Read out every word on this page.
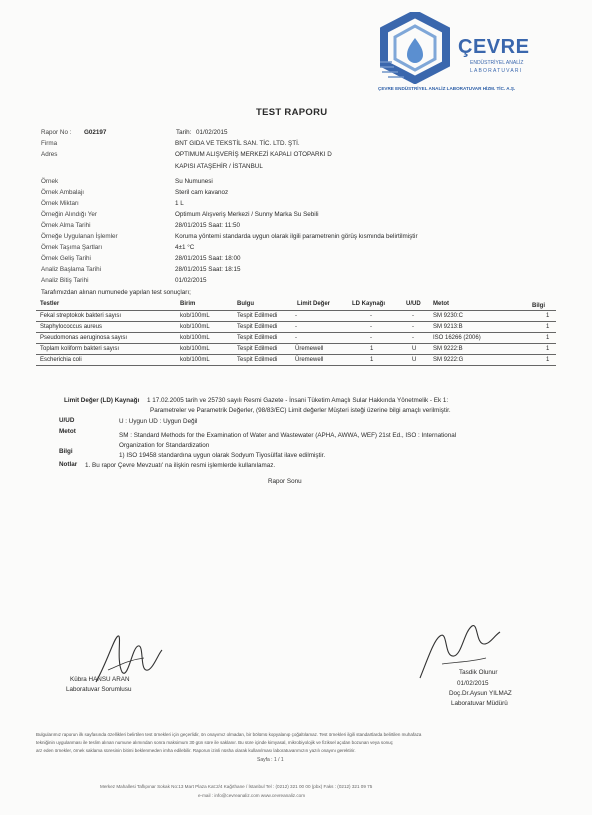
ÇEVRE
ENDÜSTRİYEL ANALİZ
LABORATUVARI
ÇEVRE ENDÜSTRİYEL ANALİZ LABORATUVAR HİZM. TİC. A.Ş.
TEST RAPORU
Rapor No : G02197	Tarih: 01/02/2015
Firma	BNT GIDA VE TEKSTİL SAN. TİC. LTD. ŞTİ.
Adres	OPTIMUM ALIŞVERİŞ MERKEZİ KAPALI OTOPARKI D
KAPISI ATAŞEHİR / İSTANBUL
Örnek	Su Numunesi
Örnek Ambalajı	Steril cam kavanoz
Örnek Miktarı	1 L
Örneğin Alındığı Yer	Optimum Alışveriş Merkezi / Sunny Marka Su Sebili
Örnek Alma Tarihi	28/01/2015 Saat: 11:50
Örneğe Uygulanan İşlemler	Koruma yöntemi standarda uygun olarak ilgili parametrenin görüş kısmında belirtilmiştir
Örnek Taşıma Şartları	4±1 °C
Örnek Geliş Tarihi	28/01/2015 Saat: 18:00
Analiz Başlama Tarihi	28/01/2015 Saat: 18:15
Analiz Bitiş Tarihi	01/02/2015
Tarafımızdan alınan numunede yapılan test sonuçları;
Testler	Birim	Bulgu	Limit Değer	LD Kaynağı	U/UD Metot	Bilgi
Fekal streptokok bakteri sayısı	kob/100mL	Tespit Edilmedi	-	-	-	SM 9230:C	1
Staphylococcus aureus	kob/100mL	Tespit Edilmedi	-	-	-	SM 9213:B	1
Pseudomonas aeruginosa sayısı	kob/100mL	Tespit Edilmedi	-	-	-	ISO 16266 (2006)	1
Toplam koliform bakteri sayısı	kob/100mL	Tespit Edilmedi	Üremewell	1	U	SM 9222:B	1
Escherichia coli	kob/100mL	Tespit Edilmedi	Üremewell	1	U	SM 9222:G	1
Limit Değer (LD) Kaynağı 1 17.02.2005 tarih ve 25730 sayılı Resmi Gazete - İnsani Tüketim Amaçlı Sular Hakkında Yönetmelik - Ek 1:
Parametreler ve Parametrik Değerler, (98/83/EC) Limit değerler Müşteri isteği üzerine bilgi amaçlı verilmiştir.
U/UD	U : Uygun UD : Uygun Değil
Metot
SM : Standard Methods for the Examination of Water and Wastewater (APHA, AWWA, WEF) 21st Ed., ISO : International
Organization for Standardization
Bilgi
1) ISO 19458 standardına uygun olarak Sodyum Tiyosülfat ilave edilmiştir.
Notlar 1. Bu rapor Çevre Mevzuatı' na ilişkin resmi işlemlerde kullanılamaz.
Rapor Sonu
Kübra HANSU ARAN
Laboratuvar Sorumlusu
Tasdik Olunur
01/02/2015
Doç.Dr.Aysun YILMAZ
Laboratuvar Müdürü
Bulgularımız raporun ilk sayfasında özellikleri belirtilen test örnekleri için geçerlidir, ön onayımız olmadan, bir bölümü kopyalanıp çoğaltılamaz. Test örnekleri ilgili standartlarda belirtilen muhafaza
tekniğinin uygulanması ile teslim alınan numune alımından sonra maksimum 30 gün süre ile saklanır. Bu süre içinde kimyasal, mikrobiyolojik ve fiziksel açıdan bozunan veya sonuç
arz eden örnekler, örnek saklama süresinin bitimi beklenmeden imha edilebilir. Raporun izinli nüsha olarak kullanılması laboratuvarımızın yazılı onayını gerektirir.
Sayfa : 1 / 1
Merkez Mahallesi Taflıpınar Sokak No:13 Mart Plaza Kat:2/4 Kağıthane / İstanbul Tel : (0212) 321 00 00 (pbx) Faks : (0212) 321 09 75
e-mail : info@cevreanaliz.com www.cevreanaliz.com
